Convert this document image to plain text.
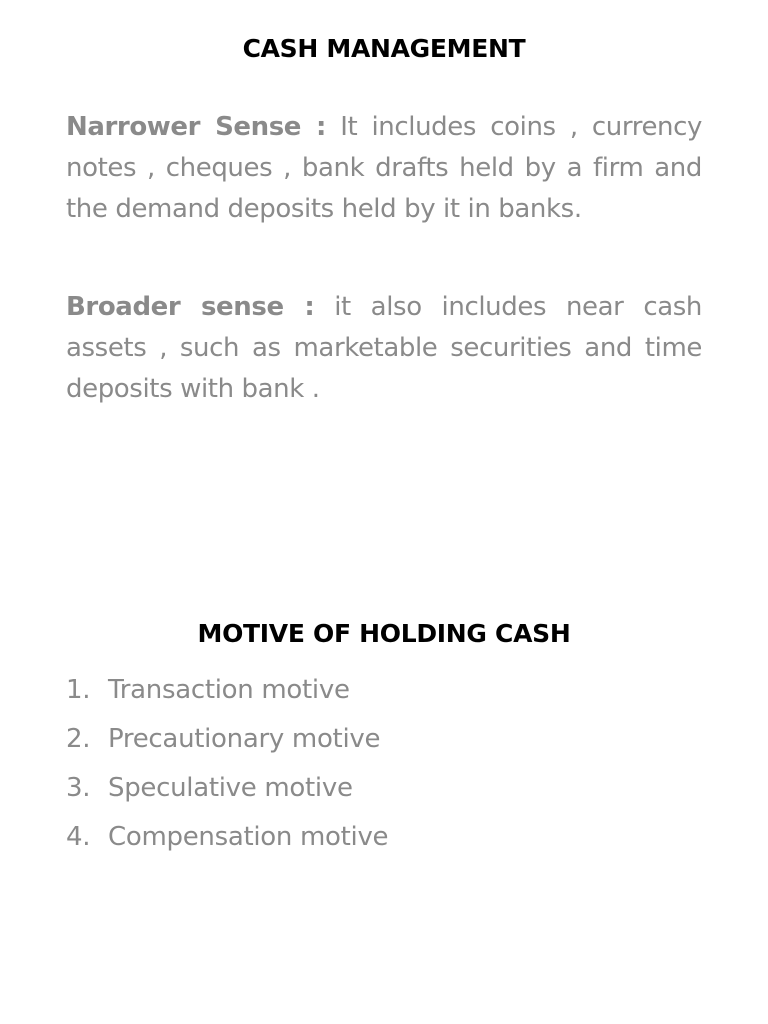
CASH MANAGEMENT

Narrower Sense : It includes coins , currency notes , cheques , bank drafts held by a firm and the demand deposits held by it in banks.

Broader sense : it also includes near cash assets , such as marketable securities and time deposits with bank .

MOTIVE OF HOLDING CASH
1. Transaction motive
2. Precautionary motive
3. Speculative motive
4. Compensation motive
